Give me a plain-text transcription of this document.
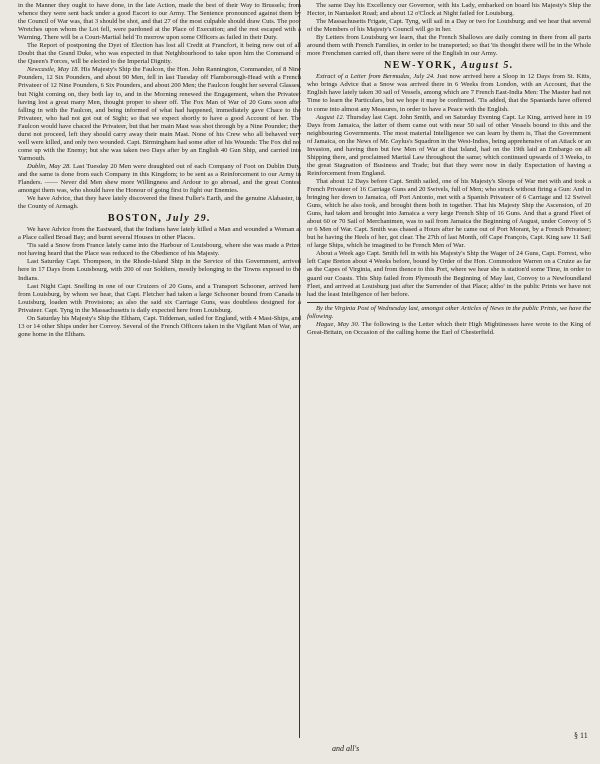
in the Manner they ought to have done, in the late Action, made the best of their Way to Brussels; from whence they were sent back under a good Escort to our Army. The Sentence pronounced against them by the Council of War was, that 3 should be shot, and that 27 of the most culpable should draw Cuts. The poor Wretches upon whom the Lot fell, were pardoned at the Place of Execution; and the rest escaped with a Warning. There will be a Court-Martial held To morrow upon some Officers as failed in their Duty.

The Report of postponing the Dyet of Election has lost all Credit at Francfort, it being now out of all Doubt that the Grand Duke, who was expected in that Neighbourhood to take upon him the Command of the Queen's Forces, will be elected to the Imperial Dignity.

Newcastle, May 18. His Majesty's Ship the Faulcon, the Hon. John Rannington, Commander, of 8 Nine Pounders, 12 Six Pounders, and about 90 Men, fell in last Tuesday off Flamborough-Head with a French Privateer of 12 Nine Pounders, 6 Six Pounders, and about 200 Men; the Faulcon fought her several Glasses, but Night coming on, they both lay to, and in the Morning renewed the Engagement, when the Privateer having lost a great many Men, thought proper to sheer off. The Fox Man of War of 20 Guns soon after falling in with the Faulcon, and being informed of what had happened, immediately gave Chace to the Privateer, who had not got out of Sight; so that we expect shortly to have a good Account of her. The Faulcon would have chaced the Privateer, but that her main Mast was shot through by a Nine Pounder; they durst not proceed, left they should carry away their main Mast. None of his Crew who all behaved very well were killed, and only two wounded. Capt. Birmingham had some after of his Wounds: The Fox did not come up with the Enemy; but she was taken two Days after by an English 40 Gun Ship, and carried into Yarmouth.

Dublin, May 28. Last Tuesday 20 Men were draughted out of each Company of Foot on Dublin Duty, and the same is done from each Company in this Kingdom; to be sent as a Reinforcement to our Army in Flanders. —— Never did Men shew more Willingness and Ardour to go abroad, and the great Contest amongst them was, who should have the Honour of going first to fight our Enemies.

We have Advice, that they have lately discovered the finest Fuller's Earth, and the genuine Alabaster, in the County of Armagh.

BOSTON, July 29.

We have Advice from the Eastward, that the Indians have lately killed a Man and wounded a Woman at a Place called Broad Bay; and burnt several Houses in other Places.

'Tis said a Snow from France lately came into the Harbour of Louisbourg, where she was made a Prize; not having heard that the Place was reduced to the Obedience of his Majesty.

Last Saturday Capt. Thompson, in the Rhode-Island Ship in the Service of this Government, arrived here in 17 Days from Louisbourg, with 200 of our Soldiers, mostly belonging to the Towns exposed to the Indians.

Last Night Capt. Snelling in one of our Cruizers of 20 Guns, and a Transport Schooner, arrived here from Louisburg, by whom we hear, that Capt. Fletcher had taken a large Schooner bound from Canada to Louisburg, loaden with Provisions; as also the said six Carriage Guns, was doubtless designed for a Privateer. Capt. Tyng in the Massachusetts is daily expected here from Louisburg.

On Saturday his Majesty's Ship the Eltham, Capt. Tiddeman, sailed for England, with 4 Mast-Ships, and 13 or 14 other Ships under her Convoy. Several of the French Officers taken in the Vigilant Man of War, are gone home in the Eltham.

The same Day his Excellency our Governor, with his Lady, embarked on board his Majesty's Ship the Hector, in Nantasket Road; and about 12 o'Clock at Night failed for Louisburg.

The Massachusetts Frigate, Capt. Tyng, will sail in a Day or two for Louisburg; and we hear that several of the Members of his Majesty's Council will go in her.

By Letters from Louisburg we learn, that the French Shallows are daily coming in there from all parts around them with French Families, in order to be transported; so that 'tis thought there will be in the Whole more Frenchmen carried off, than there were of the English in our Army.

NEW-YORK, August 5.

Extract of a Letter from Bermudas, July 24. Just now arrived here a Sloop in 12 Days from St. Kitts, who brings Advice that a Snow was arrived there in 6 Weeks from London, with an Account, that the English have lately taken 30 sail of Vessels, among which are 7 French East-India Men: The Master had not Time to learn the Particulars, but we hope it may be confirmed. 'Tis added, that the Spaniards have offered to come into almost any Measures, in order to have a Peace with the English.

August 12. Thursday last Capt. John Smith, and on Saturday Evening Capt. Le King, arrived here in 19 Days from Jamaica, the latter of them came out with near 50 sail of other Vessels bound to this and the neighbouring Governments. The most material Intelligence we can learn by them is, That the Government of Jamaica, on the News of Mr. Caylus's Squadron in the West-Indies, being apprehensive of an Attack or an Invasion, and having then but few Men of War at that Island, had on the 19th laid an Embargo on all Shipping there, and proclaimed Martial Law throughout the same; which continued upwards of 3 Weeks, to the great Stagnation of Business and Trade; but that they were now in daily Expectation of having a Reinforcement from England.

That about 12 Days before Capt. Smith sailed, one of his Majesty's Sloops of War met with and took a French Privateer of 16 Carriage Guns and 20 Swivels, full of Men; who struck without firing a Gun: And in bringing her down to Jamaica, off Port Antonio, met with a Spanish Privateer of 6 Carriage and 12 Swivel Guns, which he also took, and brought them both in together. That his Majesty Ship the Ascension, of 20 Guns, had taken and brought into Jamaica a very large French Ship of 16 Guns. And that a grand Fleet of about 60 or 70 Sail of Merchantmen, was to sail from Jamaica the Beginning of August, under Convoy of 5 or 6 Men of War. Capt. Smith was chased a Hours after he came out of Port Morant, by a French Privateer; but he having the Heels of her, got clear. The 27th of last Month, off Cape François, Capt. King saw 11 Sail of large Ships, which he imagined to be French Men of War.

About a Week ago Capt. Smith fell in with his Majesty's Ship the Wager of 24 Guns, Capt. Forrest, who left Cape Breton about 4 Weeks before, bound by Order of the Hon. Commodore Warren on a Cruize as far as the Capes of Virginia, and from thence to this Port, where we hear she is station'd some Time, in order to guard our Coasts. This Ship failed from Plymouth the Beginning of May last, Convoy to a Newfoundland Fleet, and arrived at Louisburg just after the Surrender of that Place; altho' in the public Prints we have not had the least Intelligence of her before.

By the Virginia Post of Wednesday last, amongst other Articles of News in the public Prints, we have the following.

Hague, May 30. The following is the Letter which their High Mightinesses have wrote to the King of Great-Britain, on Occasion of the calling home the Earl of Chesterfield.

and all's
§ 11
